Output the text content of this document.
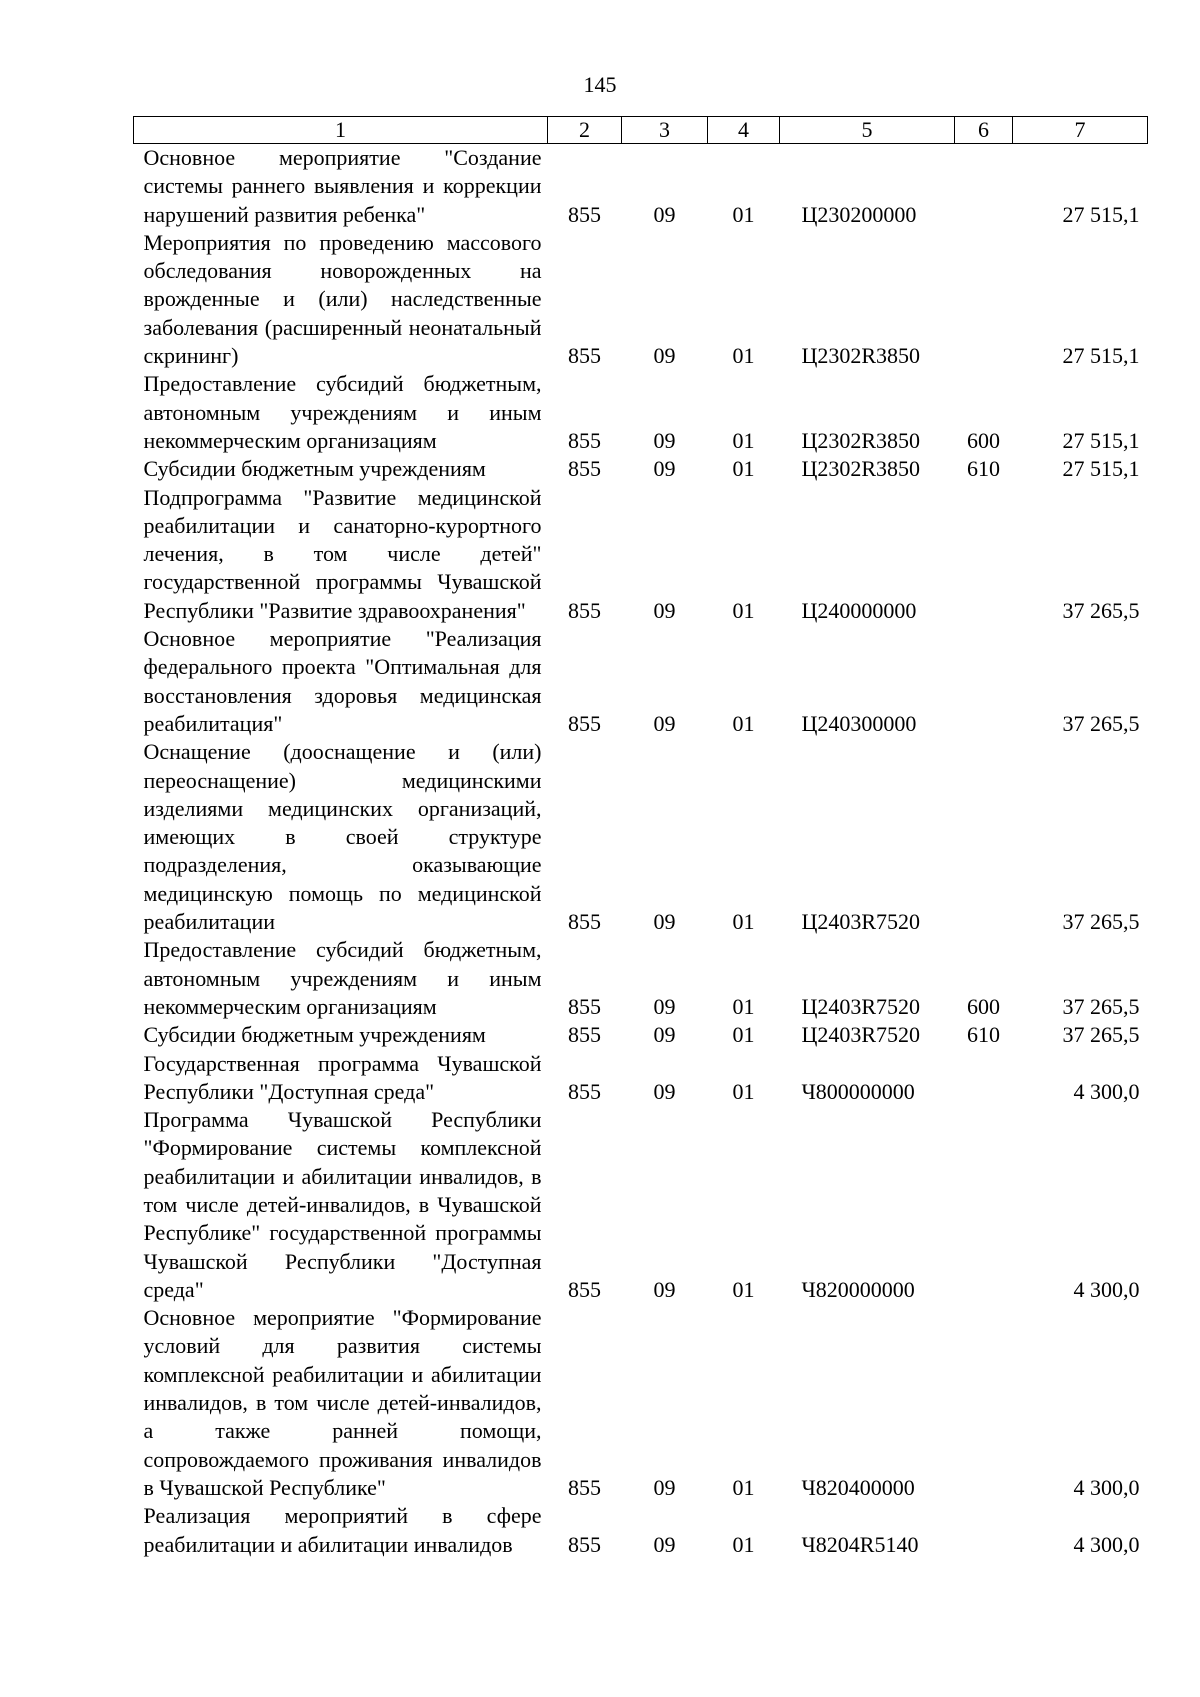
145
1	2	3	4	5	6	7
Основное мероприятие "Создание системы раннего выявления и коррекции нарушений развития ребенка"	855	09	01	Ц230200000		27 515,1
Мероприятия по проведению массового обследования новорожденных на врожденные и (или) наследственные заболевания (расширенный неонатальный скрининг)	855	09	01	Ц2302R3850		27 515,1
Предоставление субсидий бюджетным, автономным учреждениям и иным некоммерческим организациям	855	09	01	Ц2302R3850	600	27 515,1
Субсидии бюджетным учреждениям	855	09	01	Ц2302R3850	610	27 515,1
Подпрограмма "Развитие медицинской реабилитации и санаторно-курортного лечения, в том числе детей" государственной программы Чувашской Республики "Развитие здравоохранения"	855	09	01	Ц240000000		37 265,5
Основное мероприятие "Реализация федерального проекта "Оптимальная для восстановления здоровья медицинская реабилитация"	855	09	01	Ц240300000		37 265,5
Оснащение (дооснащение и (или) переоснащение) медицинскими изделиями медицинских организаций, имеющих в своей структуре подразделения, оказывающие медицинскую помощь по медицинской реабилитации	855	09	01	Ц2403R7520		37 265,5
Предоставление субсидий бюджетным, автономным учреждениям и иным некоммерческим организациям	855	09	01	Ц2403R7520	600	37 265,5
Субсидии бюджетным учреждениям	855	09	01	Ц2403R7520	610	37 265,5
Государственная программа Чувашской Республики "Доступная среда"	855	09	01	Ч800000000		4 300,0
Программа Чувашской Республики "Формирование системы комплексной реабилитации и абилитации инвалидов, в том числе детей-инвалидов, в Чувашской Республике" государственной программы Чувашской Республики "Доступная среда"	855	09	01	Ч820000000		4 300,0
Основное мероприятие "Формирование условий для развития системы комплексной реабилитации и абилитации инвалидов, в том числе детей-инвалидов, а также ранней помощи, сопровождаемого проживания инвалидов в Чувашской Республике"	855	09	01	Ч820400000		4 300,0
Реализация мероприятий в сфере реабилитации и абилитации инвалидов	855	09	01	Ч8204R5140		4 300,0
